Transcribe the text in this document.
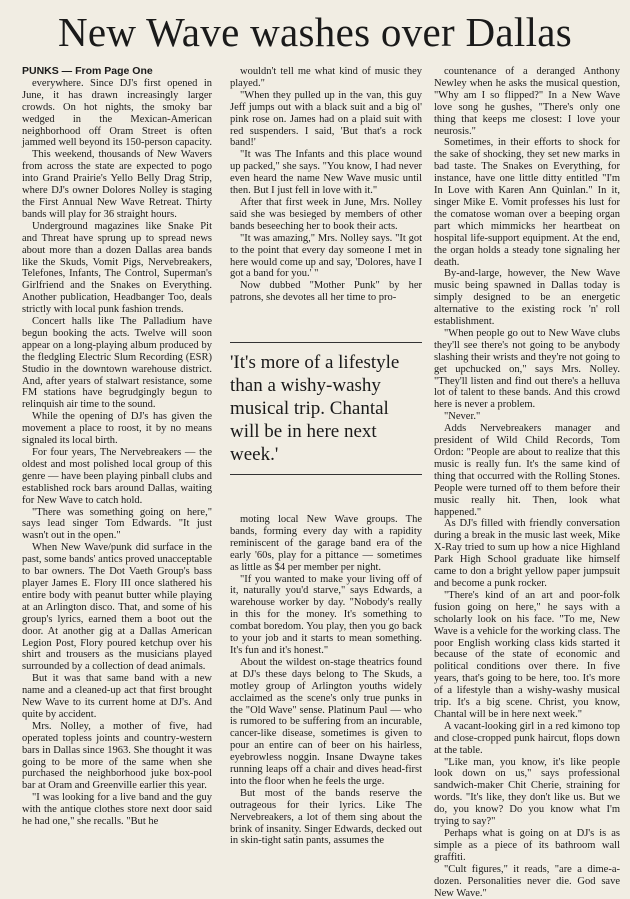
New Wave washes over Dallas

PUNKS — From Page One

everywhere. Since DJ's first opened in June, it has drawn increasingly larger crowds. On hot nights, the smoky bar wedged in the Mexican-American neighborhood off Oram Street is often jammed well beyond its 150-person capacity.

This weekend, thousands of New Wavers from across the state are expected to pogo into Grand Prairie's Yello Belly Drag Strip, where DJ's owner Dolores Nolley is staging the First Annual New Wave Retreat. Thirty bands will play for 36 straight hours.

Underground magazines like Snake Pit and Threat have sprung up to spread news about more than a dozen Dallas area bands like the Skuds, Vomit Pigs, Nervebreakers, Telefones, Infants, The Control, Superman's Girlfriend and the Snakes on Everything. Another publication, Headbanger Too, deals strictly with local punk fashion trends.

Concert halls like The Palladium have begun booking the acts. Twelve will soon appear on a long-playing album produced by the fledgling Electric Slum Recording (ESR) Studio in the downtown warehouse district. And, after years of stalwart resistance, some FM stations have begrudgingly begun to relinquish air time to the sound.

While the opening of DJ's has given the movement a place to roost, it by no means signaled its local birth.

For four years, The Nervebreakers — the oldest and most polished local group of this genre — have been playing pinball clubs and established rock bars around Dallas, waiting for New Wave to catch hold.

"There was something going on here," says lead singer Tom Edwards. "It just wasn't out in the open."

When New Wave/punk did surface in the past, some bands' antics proved unacceptable to bar owners. The Dot Vaeth Group's bass player James E. Flory III once slathered his entire body with peanut butter while playing at an Arlington disco. That, and some of his group's lyrics, earned them a boot out the door. At another gig at a Dallas American Legion Post, Flory poured ketchup over his shirt and trousers as the musicians played surrounded by a collection of dead animals.

But it was that same band with a new name and a cleaned-up act that first brought New Wave to its current home at DJ's. And quite by accident.

Mrs. Nolley, a mother of five, had operated topless joints and country-western bars in Dallas since 1963. She thought it was going to be more of the same when she purchased the neighborhood juke box-pool bar at Oram and Greenville earlier this year.

"I was looking for a live band and the guy with the antique clothes store next door said he had one," she recalls. "But he

wouldn't tell me what kind of music they played."

"When they pulled up in the van, this guy Jeff jumps out with a black suit and a big ol' pink rose on. James had on a plaid suit with red suspenders. I said, 'But that's a rock band!'

"It was The Infants and this place wound up packed," she says. "You know, I had never even heard the name New Wave music until then. But I just fell in love with it."

After that first week in June, Mrs. Nolley said she was besieged by members of other bands beseeching her to book their acts.

"It was amazing," Mrs. Nolley says. "It got to the point that every day someone I met in here would come up and say, 'Dolores, have I got a band for you.' "

Now dubbed "Mother Punk" by her patrons, she devotes all her time to pro-

'It's more of a lifestyle than a wishy-washy musical trip. Chantal will be in here next week.'

moting local New Wave groups. The bands, forming every day with a rapidity reminiscent of the garage band era of the early '60s, play for a pittance — sometimes as little as $4 per member per night.

"If you wanted to make your living off of it, naturally you'd starve," says Edwards, a warehouse worker by day. "Nobody's really in this for the money. It's something to combat boredom. You play, then you go back to your job and it starts to mean something. It's fun and it's honest."

About the wildest on-stage theatrics found at DJ's these days belong to The Skuds, a motley group of Arlington youths widely acclaimed as the scene's only true punks in the "Old Wave" sense. Platinum Paul — who is rumored to be suffering from an incurable, cancer-like disease, sometimes is given to pour an entire can of beer on his hairless, eyebrowless noggin. Insane Dwayne takes running leaps off a chair and dives head-first into the floor when he feels the urge.

But most of the bands reserve the outrageous for their lyrics. Like The Nervebreakers, a lot of them sing about the brink of insanity. Singer Edwards, decked out in skin-tight satin pants, assumes the

countenance of a deranged Anthony Newley when he asks the musical question, "Why am I so flipped?" In a New Wave love song he gushes, "There's only one thing that keeps me closest: I love your neurosis."

Sometimes, in their efforts to shock for the sake of shocking, they set new marks in bad taste. The Snakes on Everything, for instance, have one little ditty entitled "I'm In Love with Karen Ann Quinlan." In it, singer Mike E. Vomit professes his lust for the comatose woman over a beeping organ part which mimmicks her heartbeat on hospital life-support equipment. At the end, the organ holds a steady tone signaling her death.

By-and-large, however, the New Wave music being spawned in Dallas today is simply designed to be an energetic alternative to the existing rock 'n' roll establishment.

"When people go out to New Wave clubs they'll see there's not going to be anybody slashing their wrists and they're not going to get upchucked on," says Mrs. Nolley. "They'll listen and find out there's a helluva lot of talent to these bands. And this crowd here is never a problem.

"Never."

Adds Nervebreakers manager and president of Wild Child Records, Tom Ordon: "People are about to realize that this music is really fun. It's the same kind of thing that occurred with the Rolling Stones. People were turned off to them before their music really hit. Then, look what happened."

As DJ's filled with friendly conversation during a break in the music last week, Mike X-Ray tried to sum up how a nice Highland Park High School graduate like himself came to don a bright yellow paper jumpsuit and become a punk rocker.

"There's kind of an art and poor-folk fusion going on here," he says with a scholarly look on his face. "To me, New Wave is a vehicle for the working class. The poor English working class kids started it because of the state of economic and political conditions over there. In five years, that's going to be here, too. It's more of a lifestyle than a wishy-washy musical trip. It's a big scene. Christ, you know, Chantal will be in here next week."

A vacant-looking girl in a red kimono top and close-cropped punk haircut, flops down at the table.

"Like man, you know, it's like people look down on us," says professional sandwich-maker Chit Cherie, straining for words. "It's like, they don't like us. But we do, you know? Do you know what I'm trying to say?"

Perhaps what is going on at DJ's is as simple as a piece of its bathroom wall graffiti.

"Cult figures," it reads, "are a dime-a-dozen. Personalities never die. God save New Wave."
